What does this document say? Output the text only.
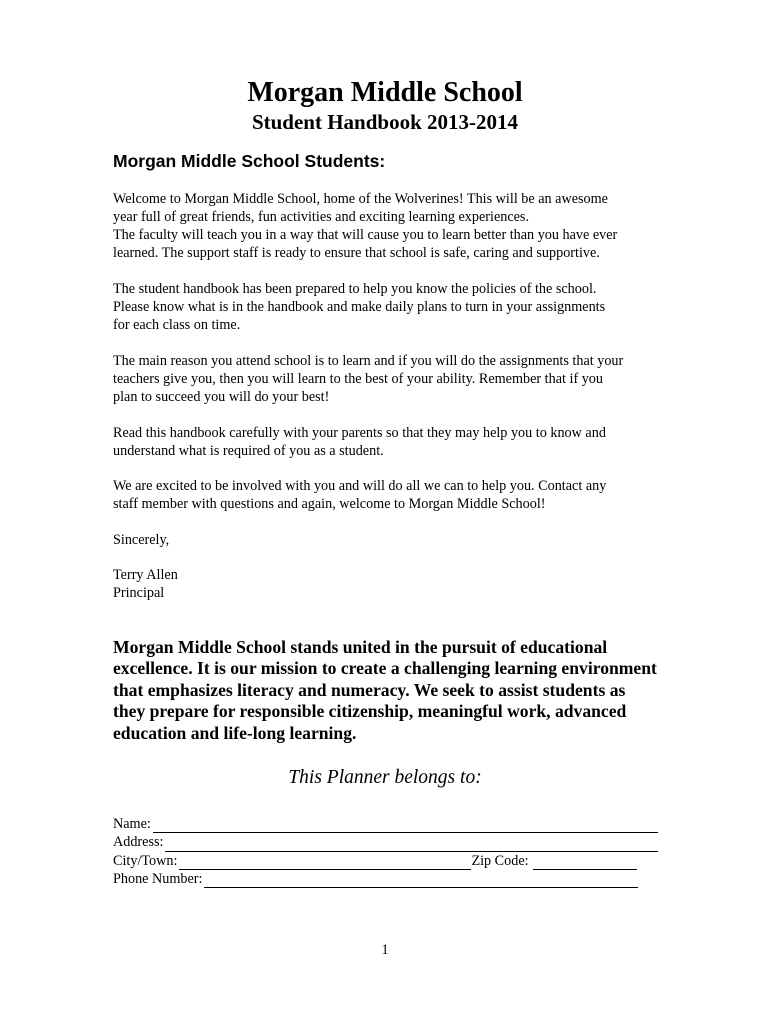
Morgan Middle School
Student Handbook 2013-2014
Morgan Middle School Students:

Welcome to Morgan Middle School, home of the Wolverines! This will be an awesome
year full of great friends, fun activities and exciting learning experiences.
The faculty will teach you in a way that will cause you to learn better than you have ever
learned. The support staff is ready to ensure that school is safe, caring and supportive.

The student handbook has been prepared to help you know the policies of the school.
Please know what is in the handbook and make daily plans to turn in your assignments
for each class on time.

The main reason you attend school is to learn and if you will do the assignments that your
teachers give you, then you will learn to the best of your ability. Remember that if you
plan to succeed you will do your best!

Read this handbook carefully with your parents so that they may help you to know and
understand what is required of you as a student.

We are excited to be involved with you and will do all we can to help you. Contact any
staff member with questions and again, welcome to Morgan Middle School!

Sincerely,

Terry Allen
Principal

Morgan Middle School stands united in the pursuit of educational excellence. It is our mission to create a challenging learning environment that emphasizes literacy and numeracy. We seek to assist students as they prepare for responsible citizenship, meaningful work, advanced education and life-long learning.
This Planner belongs to:
Name:
Address:
City/Town:	Zip Code:
Phone Number:
1
